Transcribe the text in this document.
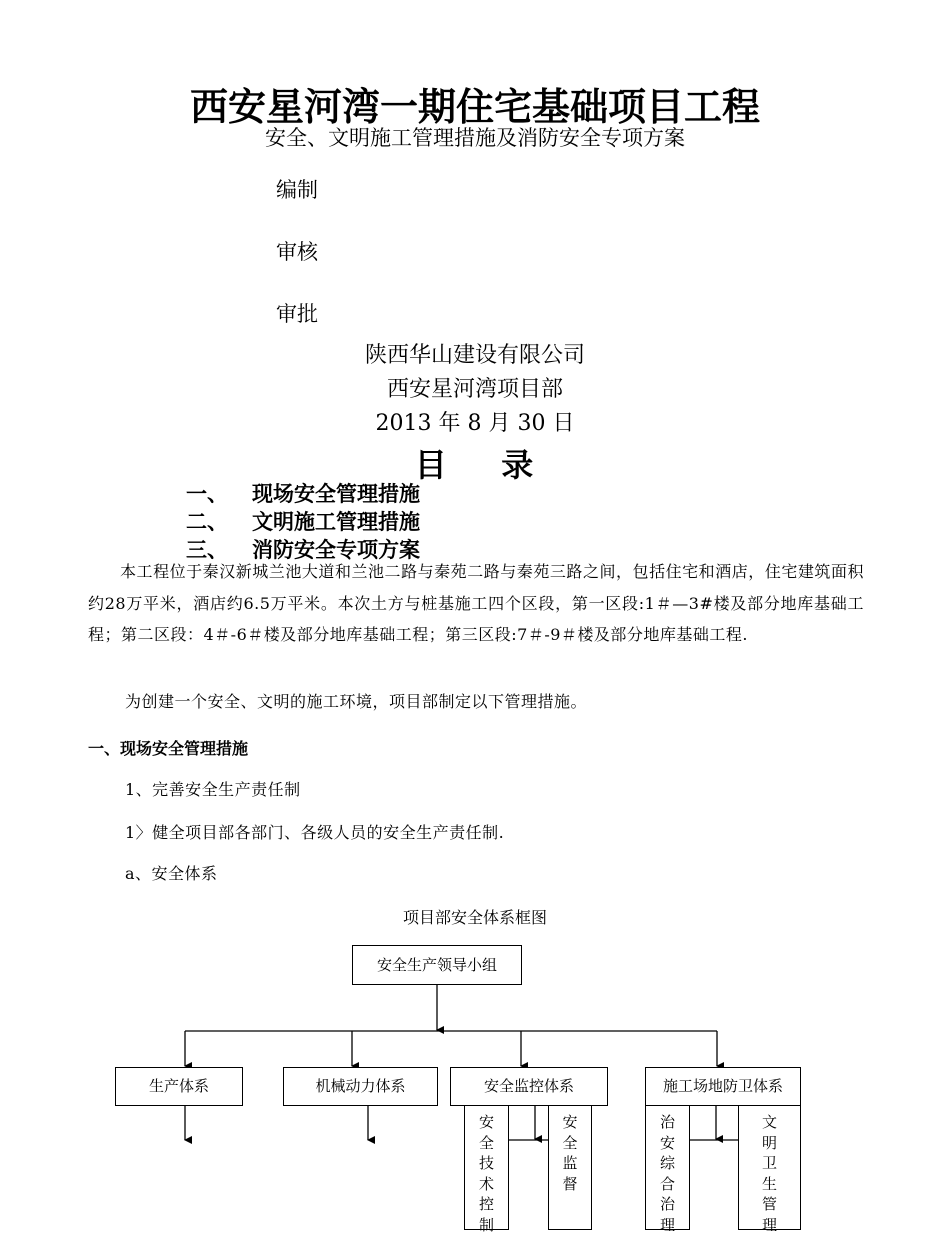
西安星河湾一期住宅基础项目工程
安全、文明施工管理措施及消防安全专项方案
编制
审核
审批
陕西华山建设有限公司
西安星河湾项目部
2013 年 8 月 30 日
目    录
一、 现场安全管理措施
二、 文明施工管理措施
三、 消防安全专项方案
本工程位于秦汉新城兰池大道和兰池二路与秦苑二路与秦苑三路之间，包括住宅和酒店，住宅建筑面积约28万平米，酒店约6.5万平米。本次土方与桩基施工四个区段，第一区段:1＃—3#楼及部分地库基础工程；第二区段：4＃-6＃楼及部分地库基础工程；第三区段:7＃-9＃楼及部分地库基础工程.
为创建一个安全、文明的施工环境，项目部制定以下管理措施。
一、现场安全管理措施
1、完善安全生产责任制
1〉健全项目部各部门、各级人员的安全生产责任制.
a、安全体系
项目部安全体系框图
安全生产领导小组
生产体系	机械动力体系	安全监控体系	施工场地防卫体系
安全技术控制
安全监督
治安综合治理
文明卫生管理
